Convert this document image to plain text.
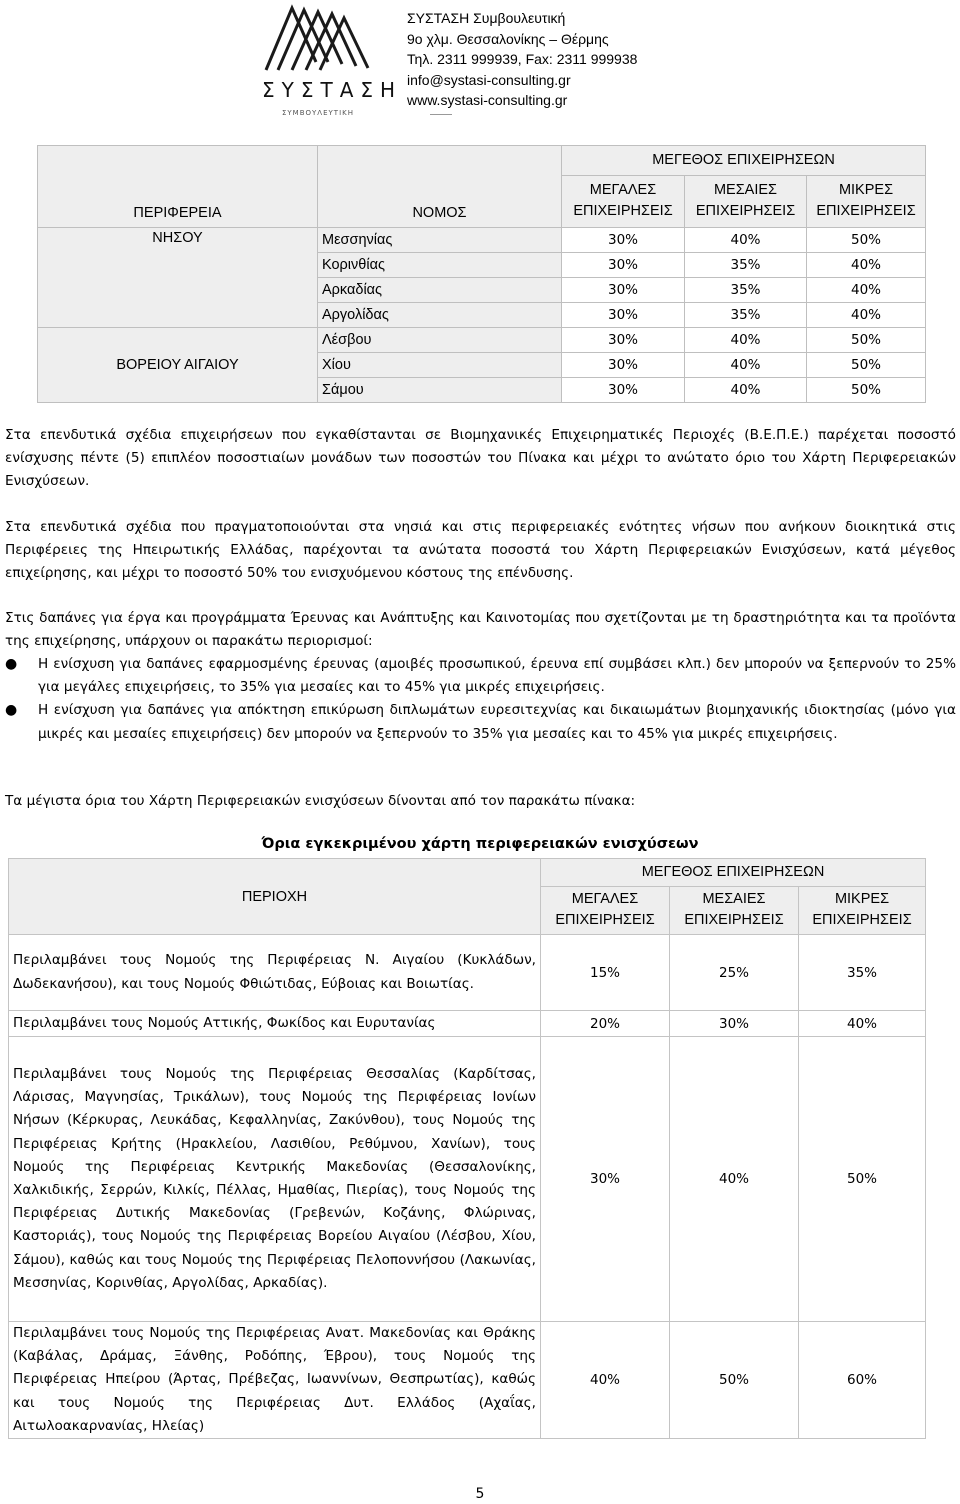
ΣΥΣΤΑΣΗ
ΣΥΜΒΟΥΛΕΥΤΙΚΗ
ΣΥΣΤΑΣΗ Συμβουλευτική
9ο χλμ. Θεσσαλονίκης – Θέρμης
Τηλ. 2311 999939, Fax: 2311 999938
info@systasi-consulting.gr
www.systasi-consulting.gr
ΠΕΡΙΦΕΡΕΙΑ	ΝΟΜΟΣ	ΜΕΓΕΘΟΣ ΕΠΙΧΕΙΡΗΣΕΩΝ		
		ΜΕΓΑΛΕΣ ΕΠΙΧΕΙΡΗΣΕΙΣ	ΜΕΣΑΙΕΣ ΕΠΙΧΕΙΡΗΣΕΙΣ	ΜΙΚΡΕΣ ΕΠΙΧΕΙΡΗΣΕΙΣ
ΝΗΣΟΥ	Μεσσηνίας	30%	40%	50%
	Κορινθίας	30%	35%	40%
	Αρκαδίας	30%	35%	40%
	Αργολίδας	30%	35%	40%
ΒΟΡΕΙΟΥ ΑΙΓΑΙΟΥ	Λέσβου	30%	40%	50%
	Χίου	30%	40%	50%
	Σάμου	30%	40%	50%
Στα επενδυτικά σχέδια επιχειρήσεων που εγκαθίστανται σε Βιομηχανικές Επιχειρηματικές Περιοχές (Β.Ε.Π.Ε.) παρέχεται ποσοστό ενίσχυσης πέντε (5) επιπλέον ποσοστιαίων μονάδων των ποσοστών του Πίνακα και μέχρι το ανώτατο όριο του Χάρτη Περιφερειακών Ενισχύσεων.
Στα επενδυτικά σχέδια που πραγματοποιούνται στα νησιά και στις περιφερειακές ενότητες νήσων που ανήκουν διοικητικά στις Περιφέρειες της Ηπειρωτικής Ελλάδας, παρέχονται τα ανώτατα ποσοστά του Χάρτη Περιφερειακών Ενισχύσεων, κατά μέγεθος επιχείρησης, και μέχρι το ποσοστό 50% του ενισχυόμενου κόστους της επένδυσης.
Στις δαπάνες για έργα και προγράμματα Έρευνας και Ανάπτυξης και Καινοτομίας που σχετίζονται με τη δραστηριότητα και τα προϊόντα της επιχείρησης, υπάρχουν οι παρακάτω περιορισμοί:
● Η ενίσχυση για δαπάνες εφαρμοσμένης έρευνας (αμοιβές προσωπικού, έρευνα επί συμβάσει κλπ.) δεν μπορούν να ξεπερνούν το 25% για μεγάλες επιχειρήσεις, το 35% για μεσαίες και το 45% για μικρές επιχειρήσεις.
● Η ενίσχυση για δαπάνες για απόκτηση επικύρωση διπλωμάτων ευρεσιτεχνίας και δικαιωμάτων βιομηχανικής ιδιοκτησίας (μόνο για μικρές και μεσαίες επιχειρήσεις) δεν μπορούν να ξεπερνούν το 35% για μεσαίες και το 45% για μικρές επιχειρήσεις.
Τα μέγιστα όρια του Χάρτη Περιφερειακών ενισχύσεων δίνονται από τον παρακάτω πίνακα:
Όρια εγκεκριμένου χάρτη περιφερειακών ενισχύσεων
ΠΕΡΙΟΧΗ	ΜΕΓΕΘΟΣ ΕΠΙΧΕΙΡΗΣΕΩΝ		
	ΜΕΓΑΛΕΣ ΕΠΙΧΕΙΡΗΣΕΙΣ	ΜΕΣΑΙΕΣ ΕΠΙΧΕΙΡΗΣΕΙΣ	ΜΙΚΡΕΣ ΕΠΙΧΕΙΡΗΣΕΙΣ
Περιλαμβάνει τους Νομούς της Περιφέρειας Ν. Αιγαίου (Κυκλάδων, Δωδεκανήσου), και τους Νομούς Φθιώτιδας, Εύβοιας και Βοιωτίας.	15%	25%	35%
Περιλαμβάνει τους Νομούς Αττικής, Φωκίδος και Ευρυτανίας	20%	30%	40%
Περιλαμβάνει τους Νομούς της Περιφέρειας Θεσσαλίας (Καρδίτσας, Λάρισας, Μαγνησίας, Τρικάλων), τους Νομούς της Περιφέρειας Ιονίων Νήσων (Κέρκυρας, Λευκάδας, Κεφαλληνίας, Ζακύνθου), τους Νομούς της Περιφέρειας Κρήτης (Ηρακλείου, Λασιθίου, Ρεθύμνου, Χανίων), τους Νομούς της Περιφέρειας Κεντρικής Μακεδονίας (Θεσσαλονίκης, Χαλκιδικής, Σερρών, Κιλκίς, Πέλλας, Ημαθίας, Πιερίας), τους Νομούς της Περιφέρειας Δυτικής Μακεδονίας (Γρεβενών, Κοζάνης, Φλώρινας, Καστοριάς), τους Νομούς της Περιφέρειας Βορείου Αιγαίου (Λέσβου, Χίου, Σάμου), καθώς και τους Νομούς της Περιφέρειας Πελοποννήσου (Λακωνίας, Μεσσηνίας, Κορινθίας, Αργολίδας, Αρκαδίας).	30%	40%	50%
Περιλαμβάνει τους Νομούς της Περιφέρειας Ανατ. Μακεδονίας και Θράκης (Καβάλας, Δράμας, Ξάνθης, Ροδόπης, Έβρου), τους Νομούς της Περιφέρειας Ηπείρου (Άρτας, Πρέβεζας, Ιωαννίνων, Θεσπρωτίας), καθώς και τους Νομούς της Περιφέρειας Δυτ. Ελλάδος (Αχαΐας, Αιτωλοακαρνανίας, Ηλείας)	40%	50%	60%
5
